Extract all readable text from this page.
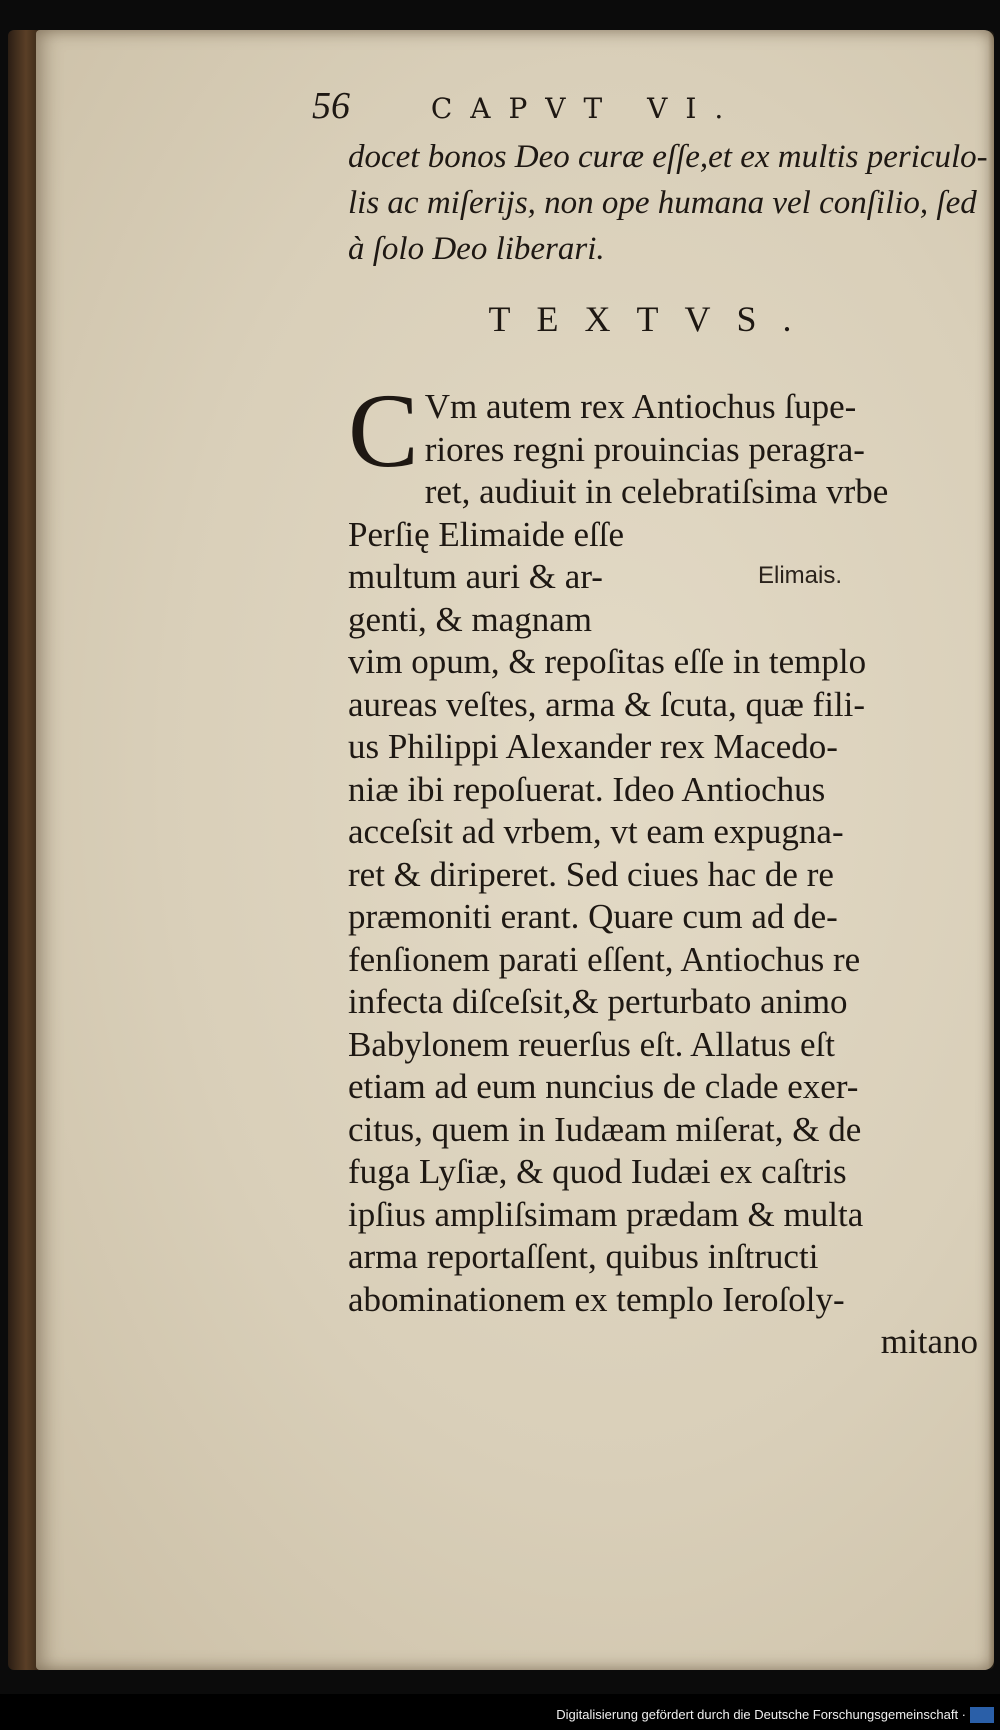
56	CAPVT VI.

docet bonos Deo curæ eſſe,et ex multis periculo-

lis ac miſerijs, non ope humana vel conſilio, ſed

à ſolo Deo liberari.

TEXTVS.
C Vm autem rex Antiochus ſupe-

riores regni prouincias peragra-

ret, audiuit in celebratiſsima vrbe

Perſię Elimaide eſſe

multum auri & ar-

genti, & magnam

vim opum, & repoſitas eſſe in templo

aureas veſtes, arma & ſcuta, quæ fili-

us Philippi Alexander rex Macedo-

niæ ibi repoſuerat. Ideo Antiochus

acceſsit ad vrbem, vt eam expugna-

ret & diriperet. Sed ciues hac de re

præmoniti erant. Quare cum ad de-

fenſionem parati eſſent, Antiochus re

infecta diſceſsit,& perturbato animo

Babylonem reuerſus eſt. Allatus eſt

etiam ad eum nuncius de clade exer-

citus, quem in Iudæam miſerat, & de

fuga Lyſiæ, & quod Iudæi ex caſtris

ipſius ampliſsimam prædam & multa

arma reportaſſent, quibus inſtructi

abominationem ex templo Ieroſoly-

mitano

Elimais.
Digitalisierung gefördert durch die Deutsche Forschungsgemeinschaft ·
